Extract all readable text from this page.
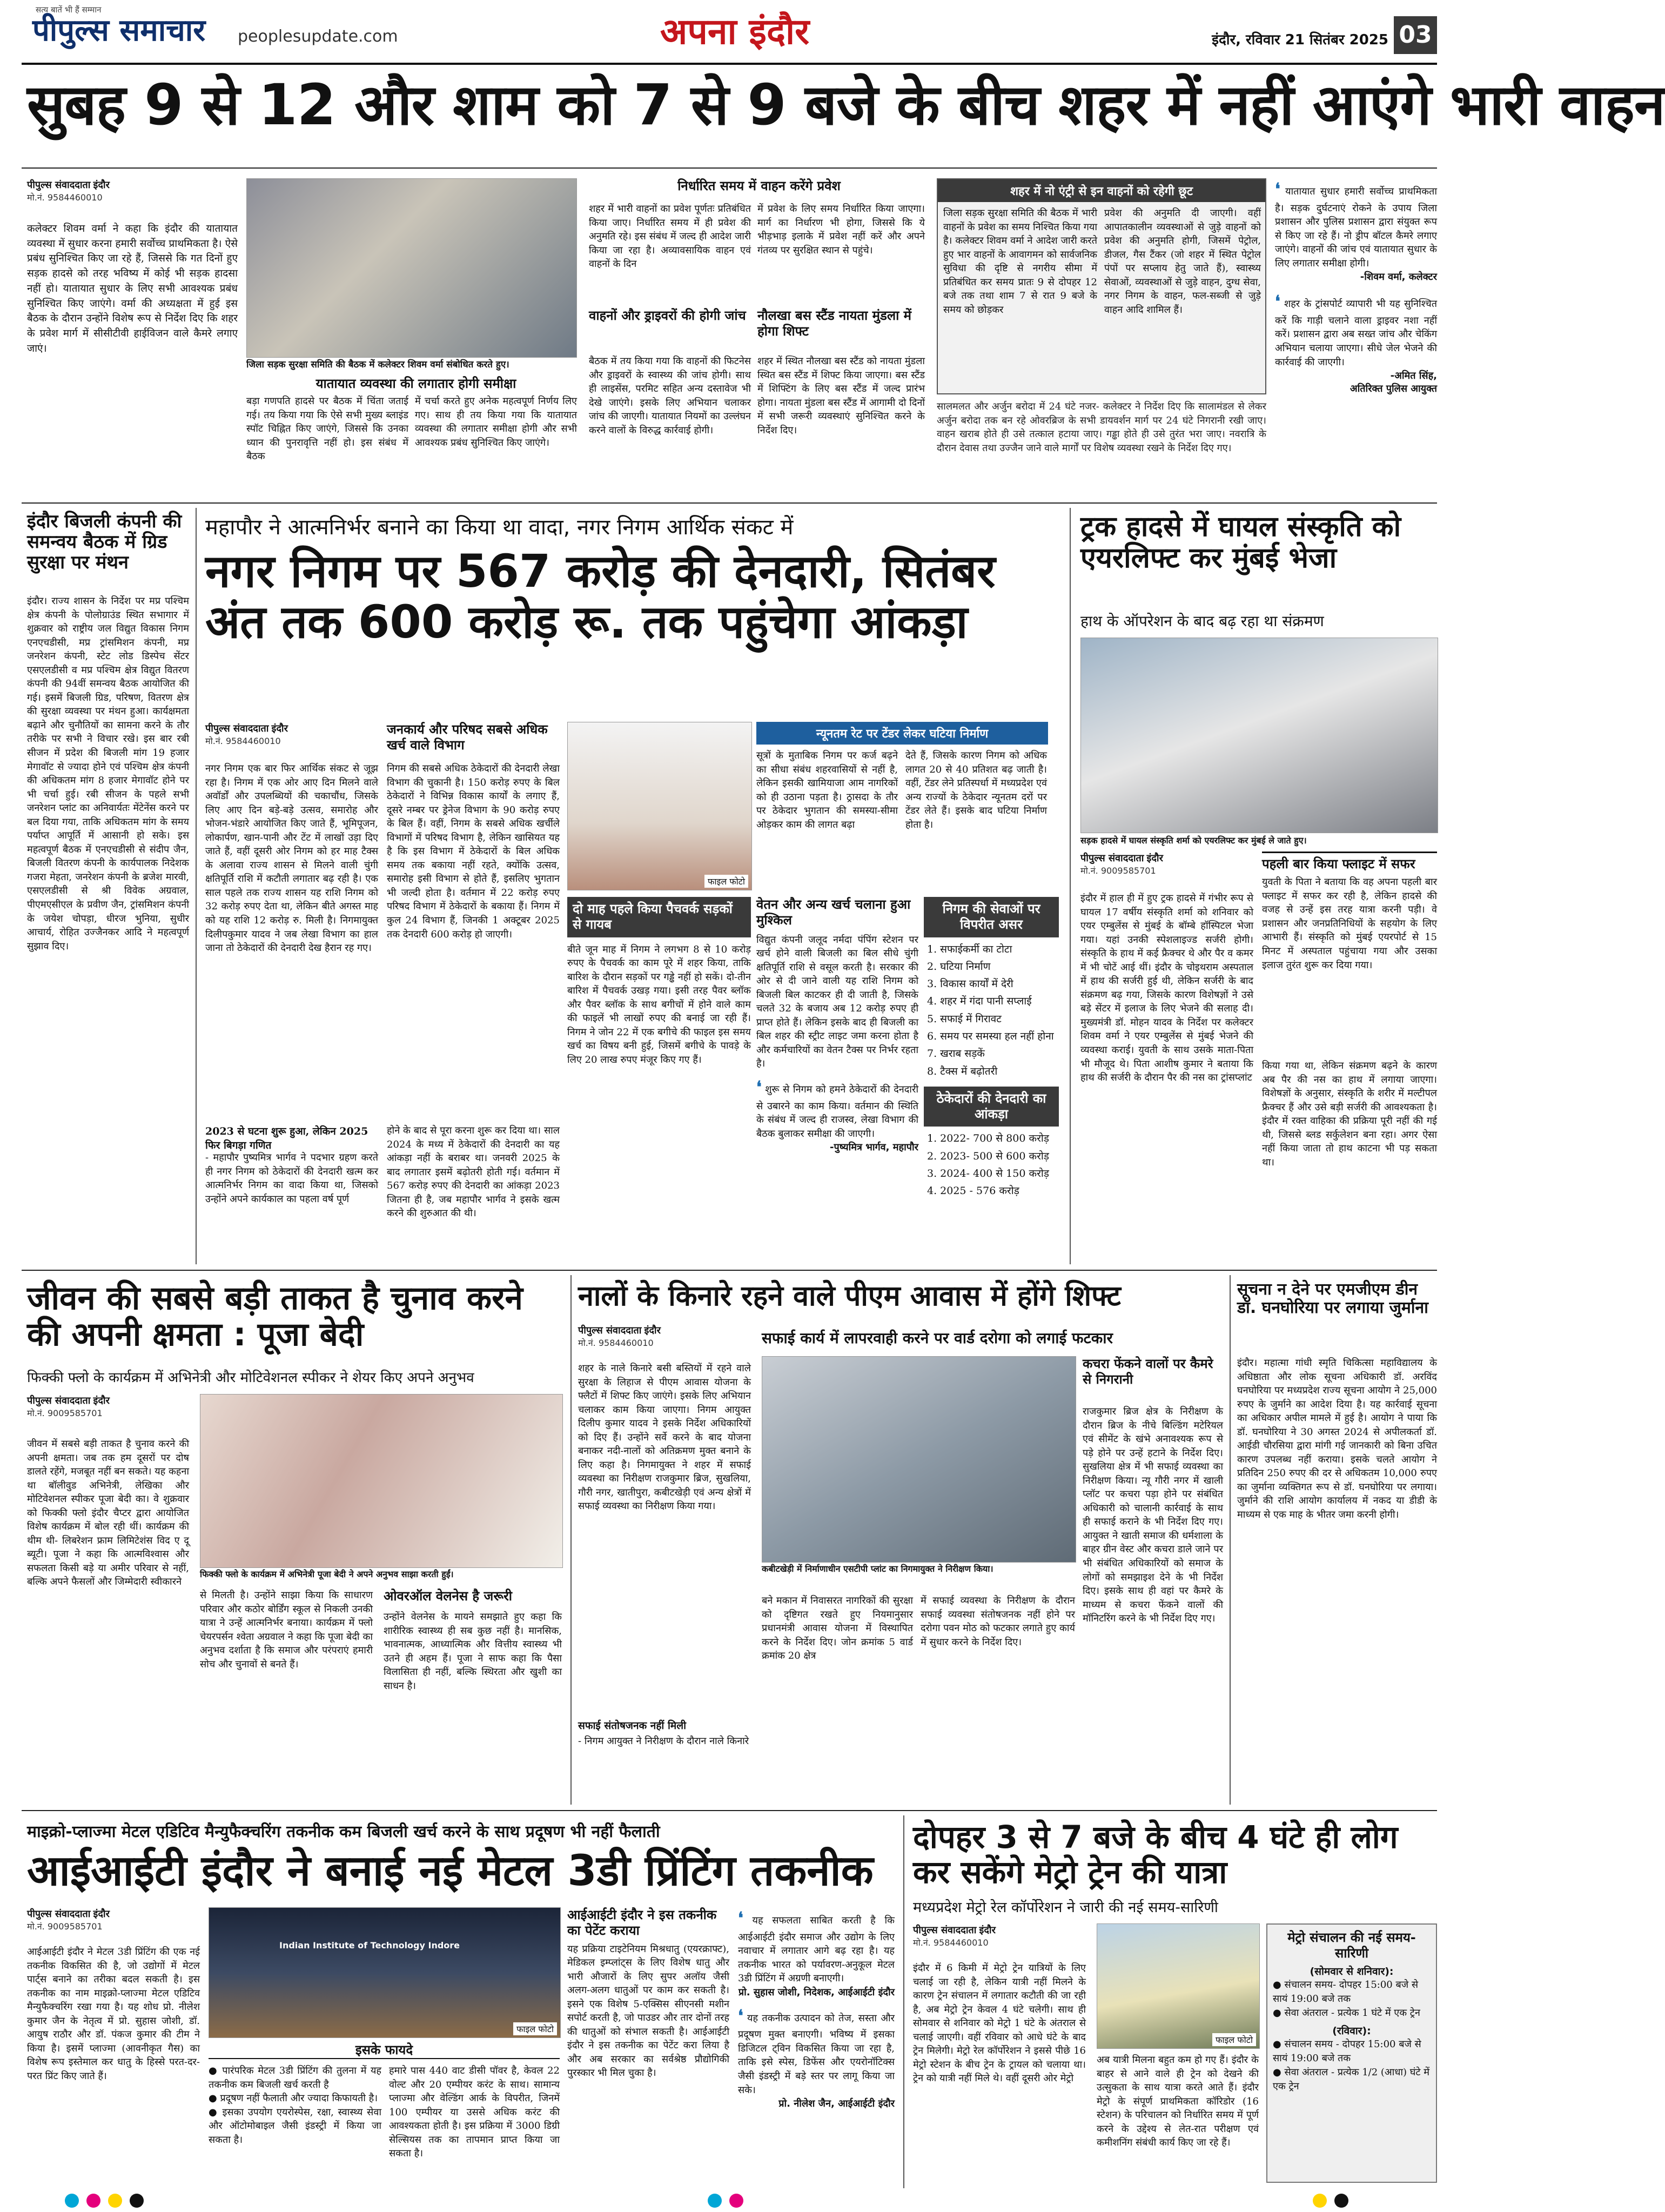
सत्य बातें भी हैं सम्मान
पीपुल्स समाचार peoplesupdate.com	अपना इंदौर	इंदौर, रविवार 21 सितंबर 2025 03
सुबह 9 से 12 और शाम को 7 से 9 बजे के बीच शहर में नहीं आएंगे भारी वाहन
पीपुल्स संवाददाता इंदौर
मो.नं. 9584460010
कलेक्टर शिवम वर्मा ने कहा कि इंदौर की यातायात व्यवस्था में सुधार करना हमारी सर्वोच्च प्राथमिकता है। ऐसे प्रबंध सुनिश्चित किए जा रहे हैं, जिससे कि गत दिनों हुए सड़क हादसे को तरह भविष्य में कोई भी सड़क हादसा नहीं हो। यातायात सुधार के लिए सभी आवश्यक प्रबंध सुनिश्चित किए जाएंगे। वर्मा की अध्यक्षता में हुई इस बैठक के दौरान उन्होंने विशेष रूप से निर्देश दिए कि शहर के प्रवेश मार्ग में सीसीटीवी हाईविजन वाले कैमरे लगाए जाएं।
जिला सड़क सुरक्षा समिति की बैठक में कलेक्टर शिवम वर्मा संबोधित करते हुए।
यातायात व्यवस्था की लगातार होगी समीक्षा
बड़ा गणपति हादसे पर बैठक में चिंता जताई गई। तय किया गया कि ऐसे सभी मुख्य ब्लाइंड स्पॉट चिह्नित किए जाएंगे, जिससे कि उनका ध्यान की पुनरावृत्ति नहीं हो। इस संबंध में बैठक
में चर्चा करते हुए अनेक महत्वपूर्ण निर्णय लिए गए। साथ ही तय किया गया कि यातायात व्यवस्था की लगातार समीक्षा होगी और सभी आवश्यक प्रबंध सुनिश्चित किए जाएंगे।
निर्धारित समय में वाहन करेंगे प्रवेश
शहर में भारी वाहनों का प्रवेश पूर्णतः प्रतिबंधित किया जाए। निर्धारित समय में ही प्रवेश की अनुमति रहे। इस संबंध में जल्द ही आदेश जारी किया जा रहा है। अव्यावसायिक वाहन एवं वाहनों के दिन
में प्रवेश के लिए समय निर्धारित किया जाएगा। मार्ग का निर्धारण भी होगा, जिससे कि ये भीड़भाड़ इलाके में प्रवेश नहीं करें और अपने गंतव्य पर सुरक्षित स्थान से पहुंचे।
वाहनों और ड्राइवरों की होगी जांच
बैठक में तय किया गया कि वाहनों की फिटनेस और ड्राइवरों के स्वास्थ्य की जांच होगी। साथ ही लाइसेंस, परमिट सहित अन्य दस्तावेज भी देखे जाएंगे। इसके लिए अभियान चलाकर जांच की जाएगी। यातायात नियमों का उल्लंघन करने वालों के विरुद्ध कार्रवाई होगी।
नौलखा बस स्टैंड नायता मुंडला में होगा शिफ्ट
शहर में स्थित नौलखा बस स्टैंड को नायता मुंडला स्थित बस स्टैंड में शिफ्ट किया जाएगा। बस स्टैंड में शिफ्टिंग के लिए बस स्टैंड में जल्द प्रारंभ होगा। नायता मुंडला बस स्टैंड में आगामी दो दिनों में सभी जरूरी व्यवस्थाएं सुनिश्चित करने के निर्देश दिए।
शहर में नो एंट्री से इन वाहनों को रहेगी छूट
जिला सड़क सुरक्षा समिति की बैठक में भारी वाहनों के प्रवेश का समय निश्चित किया गया है। कलेक्टर शिवम वर्मा ने आदेश जारी करते हुए भार वाहनों के आवागमन को सार्वजनिक सुविधा की दृष्टि से नगरीय सीमा में प्रतिबंधित कर समय प्रातः 9 से दोपहर 12 बजे तक तथा शाम 7 से रात 9 बजे के समय को छोड़कर
प्रवेश की अनुमति दी जाएगी। वहीं आपातकालीन व्यवस्थाओं से जुड़े वाहनों को प्रवेश की अनुमति होगी, जिसमें पेट्रोल, डीजल, गैस टैंकर (जो शहर में स्थित पेट्रोल पंपों पर सप्लाय हेतु जाते हैं), स्वास्थ्य सेवाओं, व्यवस्थाओं से जुड़े वाहन, दुग्ध सेवा, नगर निगम के वाहन, फल-सब्जी से जुड़े वाहन आदि शामिल हैं।
सालमलत और अर्जुन बरोदा में 24 घंटे नजर- कलेक्टर ने निर्देश दिए कि सालामंडल से लेकर अर्जुन बरोदा तक बन रहे ओवरब्रिज के सभी डायवर्शन मार्ग पर 24 घंटे निगरानी रखी जाए। वाहन खराब होते ही उसे तत्काल हटाया जाए। गड्ढा होते ही उसे तुरंत भरा जाए। नवरात्रि के दौरान देवास तथा उज्जैन जाने वाले मार्गों पर विशेष व्यवस्था रखने के निर्देश दिए गए।
❛ यातायात सुधार हमारी सर्वोच्च प्राथमिकता है। सड़क दुर्घटनाएं रोकने के उपाय जिला प्रशासन और पुलिस प्रशासन द्वारा संयुक्त रूप से किए जा रहे हैं। नो ड्रीप बॉटल कैमरे लगाए जाएंगे। वाहनों की जांच एवं यातायात सुधार के लिए लगातार समीक्षा होगी।
-शिवम वर्मा, कलेक्टर
❛ शहर के ट्रांसपोर्ट व्यापारी भी यह सुनिश्चित करें कि गाड़ी चलाने वाला ड्राइवर नशा नहीं करें। प्रशासन द्वारा अब सख्त जांच और चेकिंग अभियान चलाया जाएगा। सीधे जेल भेजने की कार्रवाई की जाएगी।
-अमित सिंह,
अतिरिक्त पुलिस आयुक्त
इंदौर बिजली कंपनी की समन्वय बैठक में ग्रिड सुरक्षा पर मंथन
इंदौर। राज्य शासन के निर्देश पर मप्र पश्चिम क्षेत्र कंपनी के पोलोग्राउंड स्थित सभागार में शुक्रवार को राष्ट्रीय जल विद्युत विकास निगम एनएचडीसी, मप्र ट्रांसमिशन कंपनी, मप्र जनरेशन कंपनी, स्टेट लोड डिस्पेच सेंटर एसएलडीसी व मप्र पश्चिम क्षेत्र विद्युत वितरण कंपनी की 94वीं समन्वय बैठक आयोजित की गई। इसमें बिजली ग्रिड, परिषण, वितरण क्षेत्र की सुरक्षा व्यवस्था पर मंथन हुआ। कार्यक्षमता बढ़ाने और चुनौतियों का सामना करने के तौर तरीके पर सभी ने विचार रखे। इस बार रबी सीजन में प्रदेश की बिजली मांग 19 हजार मेगावॉट से ज्यादा होने एवं पश्चिम क्षेत्र कंपनी की अधिकतम मांग 8 हजार मेगावॉट होने पर भी चर्चा हुई। रबी सीजन के पहले सभी जनरेशन प्लांट का अनिवार्यतः मेंटेनेंस करने पर बल दिया गया, ताकि अधिकतम मांग के समय पर्याप्त आपूर्ति में आसानी हो सके। इस महत्वपूर्ण बैठक में एनएचडीसी से संदीप जैन, बिजली वितरण कंपनी के कार्यपालक निदेशक गजरा मेहता, जनरेशन कंपनी के ब्रजेश मारवी, एसएलडीसी से श्री विवेक अग्रवाल, पीएमएसीएल के प्रवीण जैन, ट्रांसमिशन कंपनी के जयेश चोपड़ा, धीरज भुनिया, सुधीर आचार्य, रोहित उज्जैनकर आदि ने महत्वपूर्ण सुझाव दिए।
महापौर ने आत्मनिर्भर बनाने का किया था वादा, नगर निगम आर्थिक संकट में
नगर निगम पर 567 करोड़ की देनदारी, सितंबर अंत तक 600 करोड़ रू. तक पहुंचेगा आंकड़ा
पीपुल्स संवाददाता इंदौर
मो.नं. 9584460010
नगर निगम एक बार फिर आर्थिक संकट से जूझ रहा है। निगम में एक ओर आए दिन मिलने वाले अवॉर्डों और उपलब्धियों की चकाचौंध, जिसके लिए आए दिन बड़े-बड़े उत्सव, समारोह और भोजन-भंडारे आयोजित किए जाते हैं, भूमिपूजन, लोकार्पण, खान-पानी और टेंट में लाखों उड़ा दिए जाते हैं, वहीं दूसरी ओर निगम को हर माह टैक्स के अलावा राज्य शासन से मिलने वाली चुंगी क्षतिपूर्ति राशि में कटौती लगातार बढ़ रही है। एक साल पहले तक राज्य शासन यह राशि निगम को 32 करोड़ रुपए देता था, लेकिन बीते अगस्त माह को यह राशि 12 करोड़ रु. मिली है। निगमायुक्त दिलीपकुमार यादव ने जब लेखा विभाग का हाल जाना तो ठेकेदारों की देनदारी देख हैरान रह गए।
2023 से घटना शुरू हुआ, लेकिन 2025 फिर बिगड़ा गणित
- महापौर पुष्यमित्र भार्गव ने पदभार ग्रहण करते ही नगर निगम को ठेकेदारों की देनदारी खत्म कर आत्मनिर्भर निगम का वादा किया था, जिसको उन्होंने अपने कार्यकाल का पहला वर्ष पूर्ण
जनकार्य और परिषद सबसे अधिक खर्च वाले विभाग
निगम की सबसे अधिक ठेकेदारों की देनदारी लेखा विभाग की चुकानी है। 150 करोड़ रुपए के बिल ठेकेदारों ने विभिन्न विकास कार्यों के लगाए हैं, दूसरे नम्बर पर ड्रेनेज विभाग के 90 करोड़ रुपए के बिल हैं। वहीं, निगम के सबसे अधिक खर्चीले विभागों में परिषद विभाग है, लेकिन खासियत यह है कि इस विभाग में ठेकेदारों के बिल अधिक समय तक बकाया नहीं रहते, क्योंकि उत्सव, समारोह इसी विभाग से होते हैं, इसलिए भुगतान भी जल्दी होता है। वर्तमान में 22 करोड़ रुपए परिषद विभाग में ठेकेदारों के बकाया हैं। निगम में कुल 24 विभाग हैं, जिनकी 1 अक्टूबर 2025 तक देनदारी 600 करोड़ हो जाएगी।
होने के बाद से पूरा करना शुरू कर दिया था। साल 2024 के मध्य में ठेकेदारों की देनदारी का यह आंकड़ा नहीं के बराबर था। जनवरी 2025 के बाद लगातार इसमें बढ़ोतरी होती गई। वर्तमान में 567 करोड़ रुपए की देनदारी का आंकड़ा 2023 जितना ही है, जब महापौर भार्गव ने इसके खत्म करने की शुरुआत की थी।
फाइल फोटो
न्यूनतम रेट पर टेंडर लेकर घटिया निर्माण
सूत्रों के मुताबिक निगम पर कर्ज बढ़ने का सीधा संबंध शहरवासियों से नहीं है, लेकिन इसकी खामियाजा आम नागरिकों को ही उठाना पड़ता है। ठ्रासदा के तौर पर ठेकेदार भुगतान की समस्या-सीमा ओड़कर काम की लागत बढ़ा
देते हैं, जिसके कारण निगम को अधिक लागत 20 से 40 प्रतिशत बढ़ जाती है। वहीं, टेंडर लेने प्रतिस्पर्धा में मध्यप्रदेश एवं अन्य राज्यों के ठेकेदार न्यूनतम दरों पर टेंडर लेते हैं। इसके बाद घटिया निर्माण होता है।
दो माह पहले किया पैचवर्क सड़कों से गायब
बीते जून माह में निगम ने लगभग 8 से 10 करोड़ रुपए के पैचवर्क का काम पूरे में शहर किया, ताकि बारिश के दौरान सड़कों पर गड्ढे नहीं हो सकें। दो-तीन बारिश में पैचवर्क उखड़ गया। इसी तरह पैवर ब्लॉक और पैवर ब्लॉक के साथ बगीचों में होने वाले काम की फाइलें भी लाखों रुपए की बनाई जा रही हैं। निगम ने जोन 22 में एक बगीचे की फाइल इस समय खर्च का विषय बनी हुई, जिसमें बगीचे के पावड़े के लिए 20 लाख रुपए मंजूर किए गए हैं।
वेतन और अन्य खर्च चलाना हुआ मुश्किल
विद्युत कंपनी जलूद नर्मदा पंपिंग स्टेशन पर खर्च होने वाली बिजली का बिल सीधे चुंगी क्षतिपूर्ति राशि से वसूल करती है। सरकार की ओर से दी जाने वाली यह राशि निगम को बिजली बिल काटकर ही दी जाती है, जिसके चलते 32 के बजाय अब 12 करोड़ रुपए ही प्राप्त होते हैं। लेकिन इसके बाद ही बिजली का बिल शहर की स्ट्रीट लाइट जमा करना होता है और कर्मचारियों का वेतन टैक्स पर निर्भर रहता है।
❛ शुरू से निगम को हमने ठेकेदारों की देनदारी से उबारने का काम किया। वर्तमान की स्थिति के संबंध में जल्द ही राजस्व, लेखा विभाग की बैठक बुलाकर समीक्षा की जाएगी।
-पुष्यमित्र भार्गव, महापौर
निगम की सेवाओं पर विपरीत असर
1. सफाईकर्मी का टोटा
2. घटिया निर्माण
3. विकास कार्यों में देरी
4. शहर में गंदा पानी सप्लाई
5. सफाई में गिरावट
6. समय पर समस्या हल नहीं होना
7. खराब सड़कें
8. टैक्स में बढ़ोतरी
ठेकेदारों की देनदारी का आंकड़ा
1. 2022- 700 से 800 करोड़
2. 2023- 500 से 600 करोड़
3. 2024- 400 से 150 करोड़
4. 2025 - 576 करोड़
ट्रक हादसे में घायल संस्कृति को एयरलिफ्ट कर मुंबई भेजा
हाथ के ऑपरेशन के बाद बढ़ रहा था संक्रमण
सड़क हादसे में घायल संस्कृति शर्मा को एयरलिफ्ट कर मुंबई ले जाते हुए।
पीपुल्स संवाददाता इंदौर
मो.नं. 9009585701
इंदौर में हाल ही में हुए ट्रक हादसे में गंभीर रूप से घायल 17 वर्षीय संस्कृति शर्मा को शनिवार को एयर एम्बुलेंस से मुंबई के बॉम्बे हॉस्पिटल भेजा गया। यहां उनकी स्पेशलाइज्ड सर्जरी होगी। संस्कृति के हाथ में कई फ्रैक्चर थे और पैर व कमर में भी चोटें आई थीं। इंदौर के चोइथराम अस्पताल में हाथ की सर्जरी हुई थी, लेकिन सर्जरी के बाद संक्रमण बढ़ गया, जिसके कारण विशेषज्ञों ने उसे बड़े सेंटर में इलाज के लिए भेजने की सलाह दी। मुख्यमंत्री डॉ. मोहन यादव के निर्देश पर कलेक्टर शिवम वर्मा ने एयर एम्बुलेंस से मुंबई भेजने की व्यवस्था कराई। युवती के साथ उसके माता-पिता भी मौजूद थे। पिता आशीष कुमार ने बताया कि हाथ की सर्जरी के दौरान पैर की नस का ट्रांसप्लांट
पहली बार किया फ्लाइट में सफर
युवती के पिता ने बताया कि वह अपना पहली बार फ्लाइट में सफर कर रही है, लेकिन हादसे की वजह से उन्हें इस तरह यात्रा करनी पड़ी। वे प्रशासन और जनप्रतिनिधियों के सहयोग के लिए आभारी हैं। संस्कृति को मुंबई एयरपोर्ट से 15 मिनट में अस्पताल पहुंचाया गया और उसका इलाज तुरंत शुरू कर दिया गया।
किया गया था, लेकिन संक्रमण बढ़ने के कारण अब पैर की नस का हाथ में लगाया जाएगा। विशेषज्ञों के अनुसार, संस्कृति के शरीर में मल्टीपल फ्रैक्चर हैं और उसे बड़ी सर्जरी की आवश्यकता है। इंदौर में रक्त वाहिका की प्रक्रिया पूरी नहीं की गई थी, जिससे ब्लड सर्कुलेशन बना रहा। अगर ऐसा नहीं किया जाता तो हाथ काटना भी पड़ सकता था।
जीवन की सबसे बड़ी ताकत है चुनाव करने की अपनी क्षमता : पूजा बेदी
फिक्की फ्लो के कार्यक्रम में अभिनेत्री और मोटिवेशनल स्पीकर ने शेयर किए अपने अनुभव
पीपुल्स संवाददाता इंदौर
मो.नं. 9009585701
जीवन में सबसे बड़ी ताकत है चुनाव करने की अपनी क्षमता। जब तक हम दूसरों पर दोष डालते रहेंगे, मजबूत नहीं बन सकते। यह कहना था बॉलीवुड अभिनेत्री, लेखिका और मोटिवेशनल स्पीकर पूजा बेदी का। वे शुक्रवार को फिक्की फ्लो इंदौर चैप्टर द्वारा आयोजित विशेष कार्यक्रम में बोल रही थीं। कार्यक्रम की थीम थी- लिबरेशन फ्राम लिमिटेशंस विद ए दू ब्यूटी। पूजा ने कहा कि आत्मविश्वास और सफलता किसी बड़े या अमीर परिवार से नहीं, बल्कि अपने फैसलों और जिम्मेदारी स्वीकारने
फिक्की फ्लो के कार्यक्रम में अभिनेत्री पूजा बेदी ने अपने अनुभव साझा करती हुईं।
से मिलती है। उन्होंने साझा किया कि साधारण परिवार और कठोर बोर्डिंग स्कूल से निकली उनकी यात्रा ने उन्हें आत्मनिर्भर बनाया। कार्यक्रम में फ्लो चेयरपर्सन श्वेता अग्रवाल ने कहा कि पूजा बेदी का अनुभव दर्शाता है कि समाज और परंपराएं हमारी सोच और चुनावों से बनते हैं।
ओवरऑल वेलनेस है जरूरी
उन्होंने वेलनेस के मायने समझाते हुए कहा कि शारीरिक स्वास्थ्य ही सब कुछ नहीं है। मानसिक, भावनात्मक, आध्यात्मिक और वित्तीय स्वास्थ्य भी उतने ही अहम हैं। पूजा ने साफ कहा कि पैसा विलासिता ही नहीं, बल्कि स्थिरता और खुशी का साधन है।
नालों के किनारे रहने वाले पीएम आवास में होंगे शिफ्ट
पीपुल्स संवाददाता इंदौर
मो.नं. 9584460010	सफाई कार्य में लापरवाही करने पर वार्ड दरोगा को लगाई फटकार
शहर के नाले किनारे बसी बस्तियों में रहने वाले सुरक्षा के लिहाज से पीएम आवास योजना के फ्लैटों में शिफ्ट किए जाएंगे। इसके लिए अभियान चलाकर काम किया जाएगा। निगम आयुक्त दिलीप कुमार यादव ने इसके निर्देश अधिकारियों को दिए हैं। उन्होंने सर्वे करने के बाद योजना बनाकर नदी-नालों को अतिक्रमण मुक्त बनाने के लिए कहा है। निगमायुक्त ने शहर में सफाई व्यवस्था का निरीक्षण राजकुमार ब्रिज, सुखलिया, गौरी नगर, खातीपुरा, कबीटखेड़ी एवं अन्य क्षेत्रों में सफाई व्यवस्था का निरीक्षण किया गया।
सफाई संतोषजनक नहीं मिली
- निगम आयुक्त ने निरीक्षण के दौरान नाले किनारे
कबीटखेड़ी में निर्माणाधीन एसटीपी प्लांट का निगमायुक्त ने निरीक्षण किया।
बने मकान में निवासरत नागरिकों की सुरक्षा को दृष्टिगत रखते हुए नियमानुसार प्रधानमंत्री आवास योजना में विस्थापित करने के निर्देश दिए। जोन क्रमांक 5 वार्ड क्रमांक 20 क्षेत्र
में सफाई व्यवस्था के निरीक्षण के दौरान सफाई व्यवस्था संतोषजनक नहीं होने पर दरोगा पवन मोठ को फटकार लगाते हुए कार्य में सुधार करने के निर्देश दिए।
कचरा फेंकने वालों पर कैमरे से निगरानी
राजकुमार ब्रिज क्षेत्र के निरीक्षण के दौरान ब्रिज के नीचे बिल्डिंग मटेरियल एवं सीमेंट के खंभे अनावश्यक रूप से पड़े होने पर उन्हें हटाने के निर्देश दिए। सुखलिया क्षेत्र में भी सफाई व्यवस्था का निरीक्षण किया। न्यू गौरी नगर में खाली प्लॉट पर कचरा पड़ा होने पर संबंधित अधिकारी को चालानी कार्रवाई के साथ ही सफाई कराने के भी निर्देश दिए गए। आयुक्त ने खाती समाज की धर्मशाला के बाहर ग्रीन वेस्ट और कचरा डाले जाने पर भी संबंधित अधिकारियों को समाज के लोगों को समझाइश देने के भी निर्देश दिए। इसके साथ ही वहां पर कैमरे के माध्यम से कचरा फेंकने वालों की मॉनिटरिंग करने के भी निर्देश दिए गए।
सूचना न देने पर एमजीएम डीन डॉ. घनघोरिया पर लगाया जुर्माना
इंदौर। महात्मा गांधी स्मृति चिकित्सा महाविद्यालय के अधिष्ठाता और लोक सूचना अधिकारी डॉ. अरविंद घनघोरिया पर मध्यप्रदेश राज्य सूचना आयोग ने 25,000 रुपए के जुर्माने का आदेश दिया है। यह कार्रवाई सूचना का अधिकार अपील मामले में हुई है। आयोग ने पाया कि डॉ. घनघोरिया ने 30 अगस्त 2024 से अपीलकर्ता डॉ. आईडी चौरसिया द्वारा मांगी गई जानकारी को बिना उचित कारण उपलब्ध नहीं कराया। इसके चलते आयोग ने प्रतिदिन 250 रुपए की दर से अधिकतम 10,000 रुपए का जुर्माना व्यक्तिगत रूप से डॉ. घनघोरिया पर लगाया। जुर्माने की राशि आयोग कार्यालय में नकद या डीडी के माध्यम से एक माह के भीतर जमा करनी होगी।
माइक्रो-प्लाज्मा मेटल एडिटिव मैन्युफैक्चरिंग तकनीक कम बिजली खर्च करने के साथ प्रदूषण भी नहीं फैलाती
आईआईटी इंदौर ने बनाई नई मेटल 3डी प्रिंटिंग तकनीक
पीपुल्स संवाददाता इंदौर
मो.नं. 9009585701
आईआईटी इंदौर ने मेटल 3डी प्रिंटिंग की एक नई तकनीक विकसित की है, जो उद्योगों में मेटल पार्ट्स बनाने का तरीका बदल सकती है। इस तकनीक का नाम माइक्रो-प्लाज्मा मेटल एडिटिव मैन्युफैक्चरिंग रखा गया है। यह शोध प्रो. नीलेश कुमार जैन के नेतृत्व में प्रो. सुहास जोशी, डॉ. आयुष राठौर और डॉ. पंकज कुमार की टीम ने किया है। इसमें प्लाज्मा (आवनीकृत गैस) का विशेष रूप इस्तेमाल कर धातु के हिस्से परत-दर-परत प्रिंट किए जाते हैं।
Indian Institute of Technology Indore
फाइल फोटो
इसके फायदे
● पारंपरिक मेटल 3डी प्रिंटिंग की तुलना में यह तकनीक कम बिजली खर्च करती है
● प्रदूषण नहीं फैलाती और ज्यादा किफायती है।
● इसका उपयोग एयरोस्पेस, रक्षा, स्वास्थ्य सेवा और ऑटोमोबाइल जैसी इंडस्ट्री में किया जा सकता है।
हमारे पास 440 वाट डीसी पॉवर है, केवल 22 वोल्ट और 20 एम्पीयर करंट के साथ। सामान्य प्लाज्मा और वेल्डिंग आर्क के विपरीत, जिनमें 100 एम्पीयर या उससे अधिक करंट की आवश्यकता होती है। इस प्रक्रिया में 3000 डिग्री सेल्सियस तक का तापमान प्राप्त किया जा सकता है।
आईआईटी इंदौर ने इस तकनीक का पेटेंट कराया
यह प्रक्रिया टाइटेनियम मिश्रधातु (एयरक्राफ्ट), मेडिकल इम्प्लांट्स के लिए विशेष धातु और भारी औजारों के लिए सुपर अलॉय जैसी अलग-अलग धातुओं पर काम कर सकती है। इसने एक विशेष 5-एक्सिस सीएनसी मशीन सपोर्ट करती है, जो पाउडर और तार दोनों तरह की धातुओं को संभाल सकती है। आईआईटी इंदौर ने इस तकनीक का पेटेंट करा लिया है और अब सरकार का सर्वश्रेष्ठ प्रौद्योगिकी पुरस्कार भी मिल चुका है।
❛ यह सफलता साबित करती है कि आईआईटी इंदौर समाज और उद्योग के लिए नवाचार में लगातार आगे बढ़ रहा है। यह तकनीक भारत को पर्यावरण-अनुकूल मेटल 3डी प्रिंटिंग में अग्रणी बनाएगी।
प्रो. सुहास जोशी, निदेशक, आईआईटी इंदौर
❛ यह तकनीक उत्पादन को तेज, सस्ता और प्रदूषण मुक्त बनाएगी। भविष्य में इसका डिजिटल ट्विन विकसित किया जा रहा है, ताकि इसे स्पेस, डिफेंस और एयरोनॉटिक्स जैसी इंडस्ट्री में बड़े स्तर पर लागू किया जा सके।
प्रो. नीलेश जैन, आईआईटी इंदौर
दोपहर 3 से 7 बजे के बीच 4 घंटे ही लोग कर सकेंगे मेट्रो ट्रेन की यात्रा
मध्यप्रदेश मेट्रो रेल कॉर्पोरेशन ने जारी की नई समय-सारिणी
पीपुल्स संवाददाता इंदौर
मो.नं. 9584460010
इंदौर में 6 किमी में मेट्रो ट्रेन यात्रियों के लिए चलाई जा रही है, लेकिन यात्री नहीं मिलने के कारण ट्रेन संचालन में लगातार कटौती की जा रही है, अब मेट्रो ट्रेन केवल 4 घंटे चलेगी। साथ ही सोमवार से शनिवार को मेट्रो 1 घंटे के अंतराल से चलाई जाएगी। वहीं रविवार को आधे घंटे के बाद ट्रेन मिलेगी। मेट्रो रेल कॉर्पोरेशन ने इससे पीछे 16 मेट्रो स्टेशन के बीच ट्रेन के ट्रायल को चलाया था। ट्रेन को यात्री नहीं मिले थे। वहीं दूसरी ओर मेट्रो
फाइल फोटो
अब यात्री मिलना बहुत कम हो गए हैं। इंदौर के बाहर से आने वाले ही ट्रेन को देखने की उत्सुकता के साथ यात्रा करते आते हैं। इंदौर मेट्रो के संपूर्ण प्राथमिकता कॉरिडोर (16 स्टेशन) के परिचालन को निर्धारित समय में पूर्ण करने के उद्देश्य से लेत-रात परीक्षण एवं कमीशनिंग संबंधी कार्य किए जा रहे हैं।
मेट्रो संचालन की नई समय-सारिणी
(सोमवार से शनिवार):
● संचालन समय- दोपहर 15:00 बजे से सायं 19:00 बजे तक
● सेवा अंतराल - प्रत्येक 1 घंटे में एक ट्रेन
(रविवार):
● संचालन समय - दोपहर 15:00 बजे से सायं 19:00 बजे तक
● सेवा अंतराल - प्रत्येक 1/2 (आधा) घंटे में एक ट्रेन
